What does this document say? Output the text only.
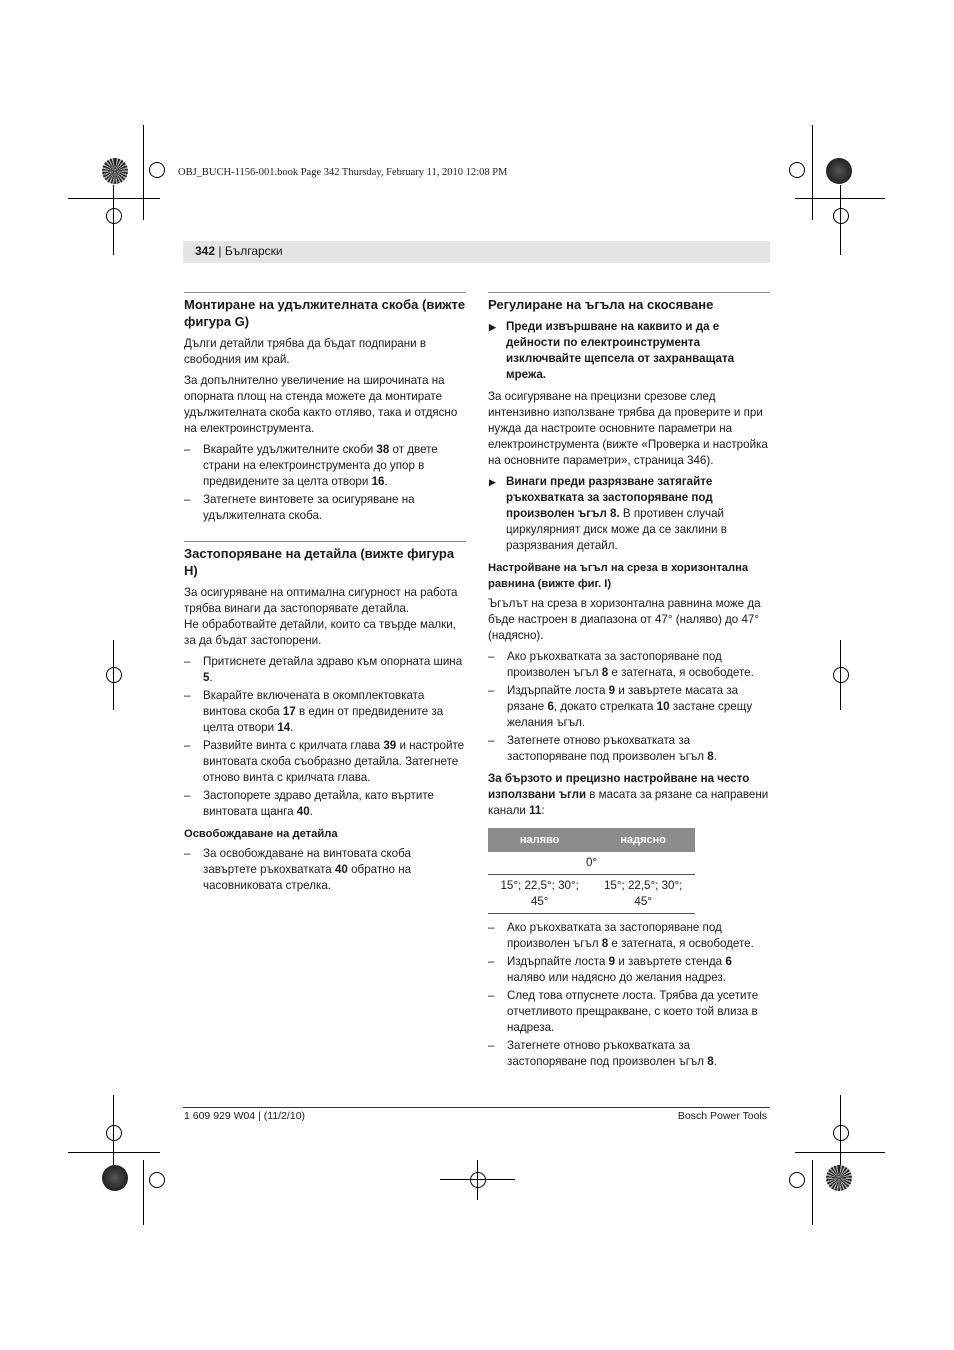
OBJ_BUCH-1156-001.book Page 342 Thursday, February 11, 2010 12:08 PM
342 | Български
Монтиране на удължителната скоба (вижте фигура G)

Дълги детайли трябва да бъдат подпирани в свободния им край.

За допълнително увеличение на широчината на опорната площ на стенда можете да монтирате удължителната скоба както отляво, така и отдясно на електроинструмента.

– Вкарайте удължителните скоби 38 от двете страни на електроинструмента до упор в предвидените за целта отвори 16.
– Затегнете винтовете за осигуряване на удължителната скоба.
Застопоряване на детайла (вижте фигура H)

За осигуряване на оптимална сигурност на работа трябва винаги да застопорявате детайла.

Не обработвайте детайли, които са твърде малки, за да бъдат застопорени.

– Притиснете детайла здраво към опорната шина 5.
– Вкарайте включената в окомплектовката винтова скоба 17 в един от предвидените за целта отвори 14.
– Развийте винта с крилчата глава 39 и настройте винтовата скоба съобразно детайла. Затегнете отново винта с крилчата глава.
– Застопорете здраво детайла, като въртите винтовата щанга 40.
Освобождаване на детайла
– За освобождаване на винтовата скоба завъртете ръкохватката 40 обратно на часовниковата стрелка.
Регулиране на ъгъла на скосяване
▶ Преди извършване на каквито и да е дейности по електроинструмента изключвайте щепсела от захранващата мрежа.

За осигуряване на прецизни срезове след интензивно използване трябва да проверите и при нужда да настроите основните параметри на електроинструмента (вижте «Проверка и настройка на основните параметри», страница 346).

▶ Винаги преди разрязване затягайте ръкохватката за застопоряване под произволен ъгъл 8. В противен случай циркулярният диск може да се заклини в разрязвания детайл.
Настройване на ъгъл на среза в хоризонтална равнина (вижте фиг. I)

Ъгълът на среза в хоризонтална равнина може да бъде настроен в диапазона от 47° (наляво) до 47° (надясно).

– Ако ръкохватката за застопоряване под произволен ъгъл 8 е затегната, я освободете.
– Издърпайте лоста 9 и завъртете масата за рязане 6, докато стрелката 10 застане срещу желания ъгъл.
– Затегнете отново ръкохватката за застопоряване под произволен ъгъл 8.

За бързото и прецизно настройване на често използвани ъгли в масата за рязане са направени канали 11:

наляво	надясно
0°	
15°; 22,5°; 30°; 45°	15°; 22,5°; 30°; 45°
– Ако ръкохватката за застопоряване под произволен ъгъл 8 е затегната, я освободете.
– Издърпайте лоста 9 и завъртете стенда 6 наляво или надясно до желания надрез.
– След това отпуснете лоста. Трябва да усетите отчетливото прещракване, с което той влиза в надреза.
– Затегнете отново ръкохватката за застопоряване под произволен ъгъл 8.
1 609 929 W04 | (11/2/10)	Bosch Power Tools
